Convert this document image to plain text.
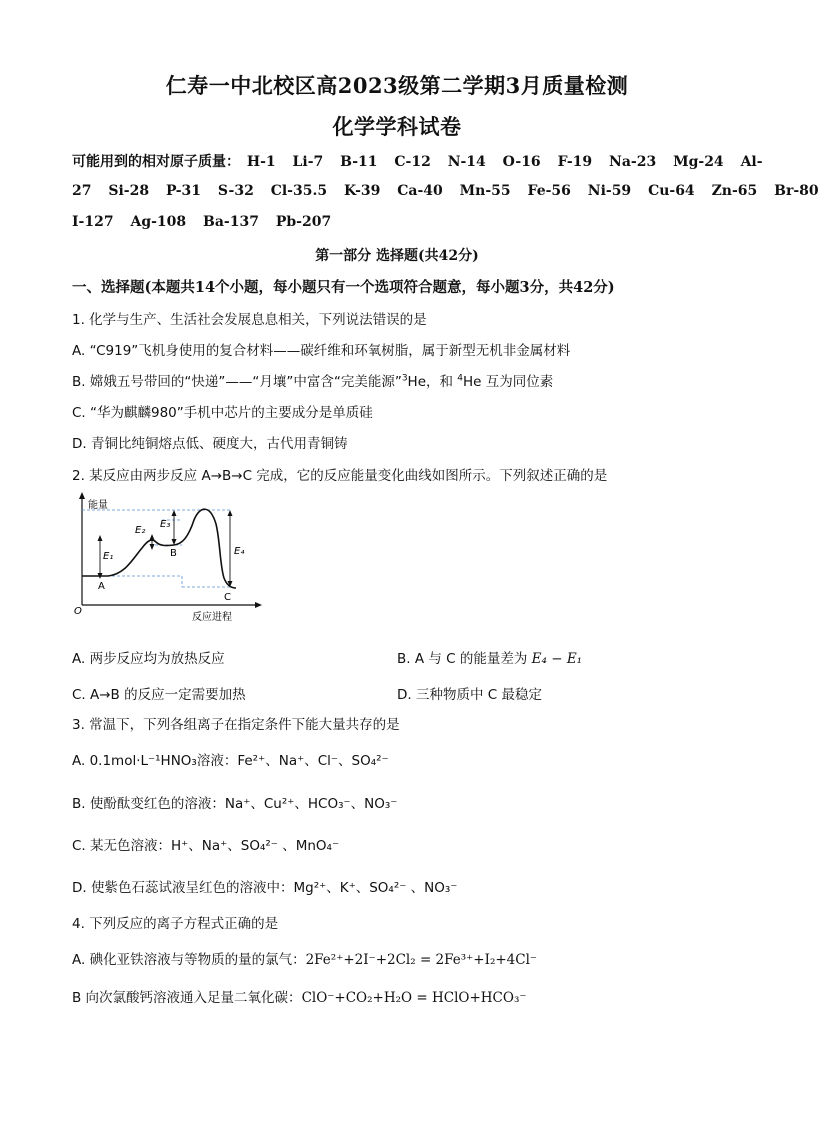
仁寿一中北校区高2023级第二学期3月质量检测
化学学科试卷
可能用到的相对原子质量： H-1 Li-7 B-11 C-12 N-14 O-16 F-19 Na-23 Mg-24 Al-
27 Si-28 P-31 S-32 Cl-35.5 K-39 Ca-40 Mn-55 Fe-56 Ni-59 Cu-64 Zn-65 Br-80
I-127 Ag-108 Ba-137 Pb-207
第一部分 选择题(共42分)
一、选择题(本题共14个小题，每小题只有一个选项符合题意，每小题3分，共42分)
1. 化学与生产、生活社会发展息息相关，下列说法错误的是
A. “C919”飞机身使用的复合材料——碳纤维和环氧树脂，属于新型无机非金属材料
B. 嫦娥五号带回的“快递”——“月壤”中富含“完美能源”$^3$He，和 $^4$He 互为同位素
C. “华为麒麟980”手机中芯片的主要成分是单质硅
D. 青铜比纯铜熔点低、硬度大，古代用青铜铸
2. 某反应由两步反应 A→B→C 完成，它的反应能量变化曲线如图所示。下列叙述正确的是
能量
O
反应进程
E₁
E₂
E₃
E₄
A
B
C
A. 两步反应均为放热反应	B. A 与 C 的能量差为 E₄ − E₁
C. A→B 的反应一定需要加热	D. 三种物质中 C 最稳定
3. 常温下，下列各组离子在指定条件下能大量共存的是
A. 0.1mol·L⁻¹HNO₃溶液：Fe²⁺、Na⁺、Cl⁻、SO₄²⁻
B. 使酚酞变红色的溶液：Na⁺、Cu²⁺、HCO₃⁻、NO₃⁻
C. 某无色溶液：H⁺、Na⁺、SO₄²⁻ 、MnO₄⁻
D. 使紫色石蕊试液呈红色的溶液中：Mg²⁺、K⁺、SO₄²⁻ 、NO₃⁻
4. 下列反应的离子方程式正确的是
A. 碘化亚铁溶液与等物质的量的氯气：2Fe²⁺+2I⁻+2Cl₂ = 2Fe³⁺+I₂+4Cl⁻
B 向次氯酸钙溶液通入足量二氧化碳：ClO⁻+CO₂+H₂O = HClO+HCO₃⁻
